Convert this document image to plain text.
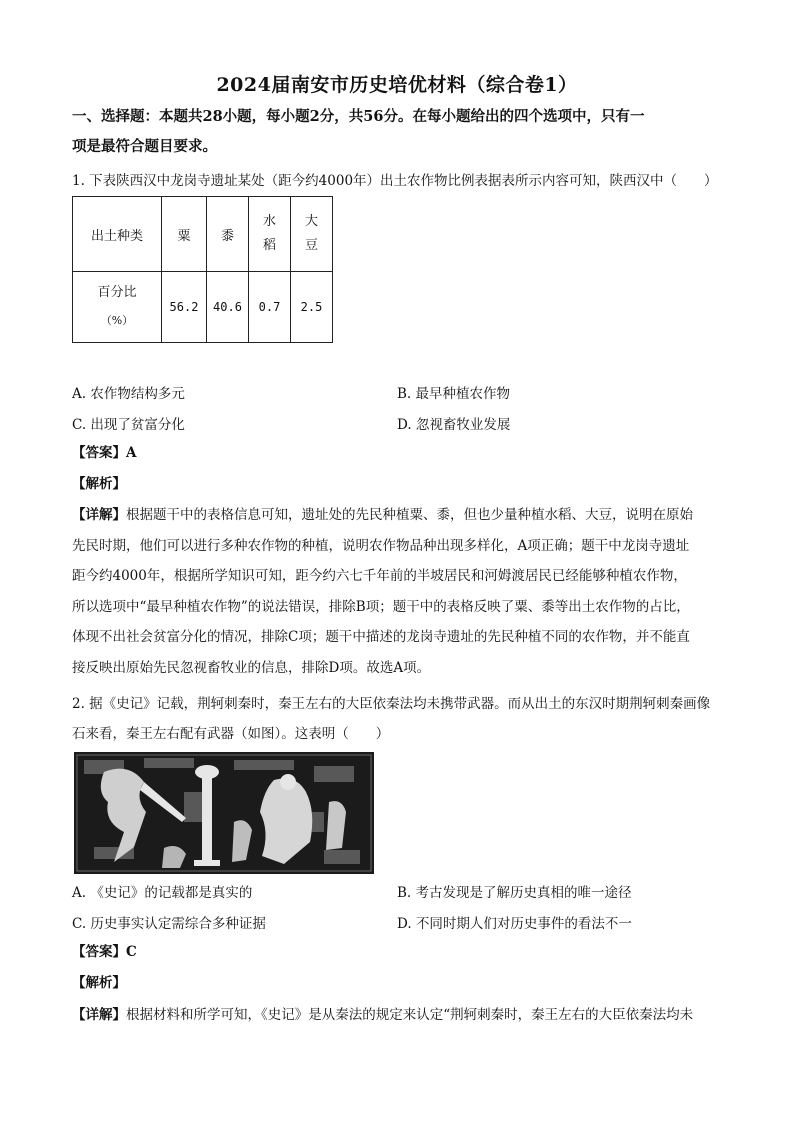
2024届南安市历史培优材料（综合卷1）
一、选择题：本题共28小题，每小题2分，共56分。在每小题给出的四个选项中，只有一
项是最符合题目要求。
1. 下表陕西汉中龙岗寺遗址某处（距今约4000年）出土农作物比例表据表所示内容可知，陕西汉中（　　）
出土种类	粟	黍	水稻	大豆

百分比
（%）	56.2	40.6	0.7	2.5
A. 农作物结构多元	B. 最早种植农作物
C. 出现了贫富分化	D. 忽视畜牧业发展
【答案】A
【解析】
【详解】根据题干中的表格信息可知，遗址处的先民种植粟、黍，但也少量种植水稻、大豆，说明在原始
先民时期，他们可以进行多种农作物的种植，说明农作物品种出现多样化，A项正确；题干中龙岗寺遗址
距今约4000年，根据所学知识可知，距今约六七千年前的半坡居民和河姆渡居民已经能够种植农作物，
所以选项中“最早种植农作物”的说法错误，排除B项；题干中的表格反映了粟、黍等出土农作物的占比，
体现不出社会贫富分化的情况，排除C项；题干中描述的龙岗寺遗址的先民种植不同的农作物，并不能直
接反映出原始先民忽视畜牧业的信息，排除D项。故选A项。
2. 据《史记》记载，荆轲刺秦时，秦王左右的大臣依秦法均未携带武器。而从出土的东汉时期荆轲刺秦画像
石来看，秦王左右配有武器（如图）。这表明（　　）
A. 《史记》的记载都是真实的	B. 考古发现是了解历史真相的唯一途径
C. 历史事实认定需综合多种证据	D. 不同时期人们对历史事件的看法不一
【答案】C
【解析】
【详解】根据材料和所学可知，《史记》是从秦法的规定来认定“荆轲刺秦时，秦王左右的大臣依秦法均未
